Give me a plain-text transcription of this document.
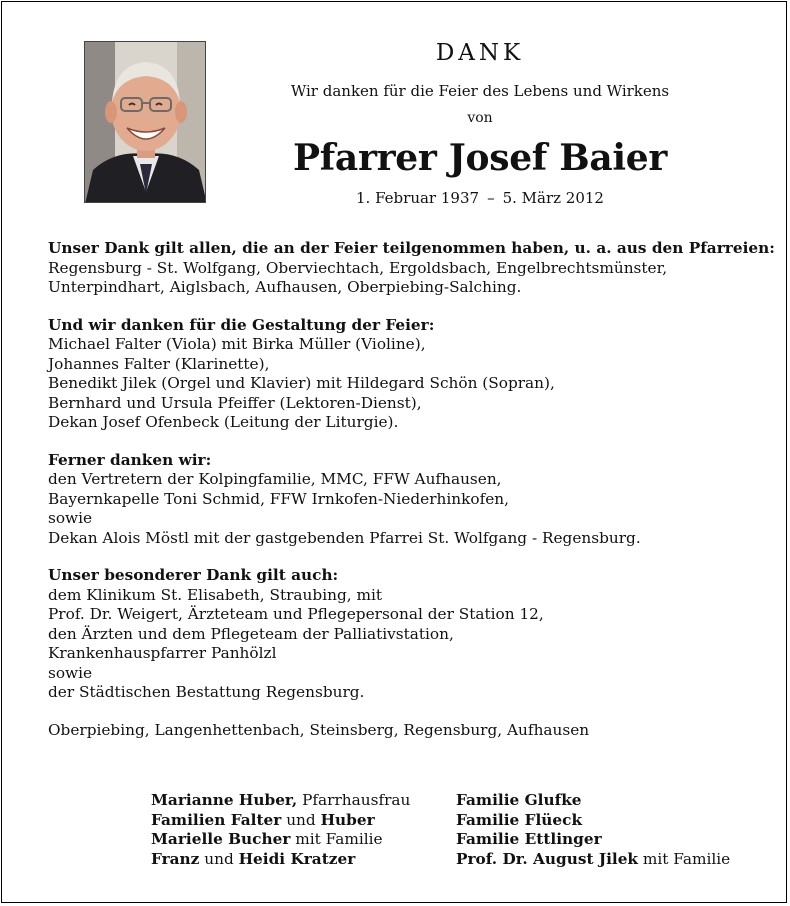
DANK
Wir danken für die Feier des Lebens und Wirkens
von
Pfarrer Josef Baier
1. Februar 1937 – 5. März 2012
Unser Dank gilt allen, die an der Feier teilgenommen haben, u. a. aus den Pfarreien:
Regensburg - St. Wolfgang, Oberviechtach, Ergoldsbach, Engelbrechtsmünster,
Unterpindhart, Aiglsbach, Aufhausen, Oberpiebing-Salching.
Und wir danken für die Gestaltung der Feier:
Michael Falter (Viola) mit Birka Müller (Violine),
Johannes Falter (Klarinette),
Benedikt Jilek (Orgel und Klavier) mit Hildegard Schön (Sopran),
Bernhard und Ursula Pfeiffer (Lektoren-Dienst),
Dekan Josef Ofenbeck (Leitung der Liturgie).
Ferner danken wir:
den Vertretern der Kolpingfamilie, MMC, FFW Aufhausen,
Bayernkapelle Toni Schmid, FFW Irnkofen-Niederhinkofen,
sowie
Dekan Alois Möstl mit der gastgebenden Pfarrei St. Wolfgang - Regensburg.
Unser besonderer Dank gilt auch:
dem Klinikum St. Elisabeth, Straubing, mit
Prof. Dr. Weigert, Ärzteteam und Pflegepersonal der Station 12,
den Ärzten und dem Pflegeteam der Palliativstation,
Krankenhauspfarrer Panhölzl
sowie
der Städtischen Bestattung Regensburg.
Oberpiebing, Langenhettenbach, Steinsberg, Regensburg, Aufhausen
Marianne Huber, Pfarrhausfrau
Familien Falter und Huber
Marielle Bucher mit Familie
Franz und Heidi Kratzer
Familie Glufke
Familie Flüeck
Familie Ettlinger
Prof. Dr. August Jilek mit Familie
